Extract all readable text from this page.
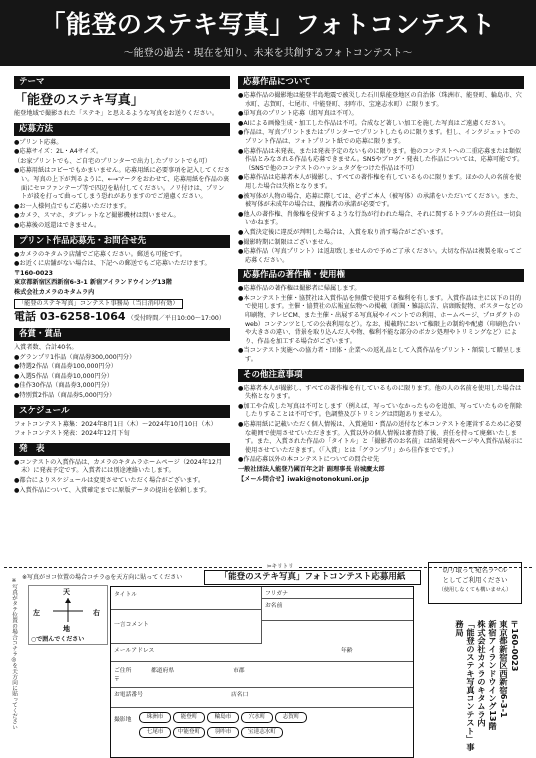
「能登のステキ写真」フォトコンテスト
～能登の過去・現在を知り、未来を共創するフォトコンテスト～
テーマ
「能登のステキ写真」
能登地域で撮影された「ステキ」と思えるような写真をお送りください。
応募方法
●プリント応募。
●応募サイズ：2L・A4サイズ。
（お家プリントでも、ご自宅のプリンターで出力したプリントでも可）
●応募用紙はコピーでもかまいません。応募用紙に必要事項を記入してください。写真の上下が判るように、←→マークをおわせて、応募用紙を作品の裏面にセロファンテープ等で四辺を貼付してください。ノリ付けは、プリントが波を打って曲ってしまう恐れがありますのでご遠慮ください。
●お一人様何点でもご応募いただけます。
●カメラ、スマホ、タブレットなど撮影機材は問いません。
●応募後の返還はできません。
プリント作品応募先・お問合せ先
●カメラのキタムラ店舗でご応募ください。郵送も可能です。
●お近くに店舗がない場合は、下記への郵送でもご応募いただけます。
〒160-0023
東京都新宿区西新宿6-3-1 新宿アイランドウイング13階
株式会社カメラのキタムラ内
「能登のステキ写真」コンテスト事務局（当日消印有効）
電話 03-6258-1064 （受付時間／平日10:00〜17:00）
各賞・賞品
入賞者数、合計40名。
●グランプリ1作品（商品券300,000円分）
●特選2作品（商品券100,000円分）
●入選5作品（商品券10,000円分）
●佳作30作品（商品券3,000円分）
●特別賞2作品（商品券5,000円分）
スケジュール
フォトコンテスト募集：2024年8月1日（木）〜2024年10月10日（木）
フォトコンテスト発表：2024年12月下旬
発　表
●コンテストの入賞作品は、カメラのキタムラホームページ（2024年12月末）に発表予定です。入賞者には別途連絡いたします。
●都合によりスケジュールは変更させていただく場合がございます。
●入賞作品について、入賞確定までに原版データの提出を依頼します。
応募作品について
●応募作品の撮影地は能登半島地震で被災した石川県能登地区の自治体（珠洲市、能登町、輪島市、穴水町、志賀町、七尾市、中能登町、羽咋市、宝達志水町）に限ります。
●単写真のプリント応募（組写真は不可）。
●AIによる画像生成・加工した作品は不可。合成など著しい加工を施した写真はご遠慮ください。
●作品は、写真プリントまたはプリンターでプリントしたものに限ります。但し、インクジェットでのプリント作品は、フォトプリント紙での応募に限ります。
●応募作品は未発表、または発表予定のないものに限ります。他のコンテストへの二重応募または類似作品とみなされる作品も応募できません。SNSやブログ・発表した作品については、応募可能です。（SNSで他のコンテストのハッシュタグをつけた作品は不可）
●応募作品は応募者本人が撮影し、すべての著作権を有しているものに限ります。ほかの人の名前を使用した場合は失格となります。
●被写体が人物の場合、応募に際しては、必ずご本人（被写体）の承諾をいただいてください。また、被写体が未成年の場合は、親権者の承諾が必要です。
●他人の著作権、肖像権を侵害するような行為が行われた場合、それに関するトラブルの責任は一切負いかねます。
●入賞決定後に違反が判明した場合は、入賞を取り消す場合がございます。
●撮影時期に制限はございません。
●応募作品（写真プリント）は返却致しませんので予めご了承ください。大切な作品は複製を取ってご応募ください。
応募作品の著作権・使用権
●応募作品の著作権は撮影者に帰属します。
●本コンテスト主催・協賛社は入賞作品を無償で使用する権利を有します。入賞作品は主に以下の目的で使用します。主催・協賛社の広報宣伝物への掲載（新聞・雑誌広告、店頭販促物、ポスターなどの印刷物、テレビCM、また主催・出展する写真展やイベントでの利用、ホームページ、プロダクトのweb）コンテンツとしての公表利用など）。なお、掲載時において権限上の制約や配慮（印刷色合いや大きさの違い、背景を取り込んだ人や物、権利不能な部分のボカシ処理やトリミングなど）により、作品を加工する場合がございます。
●当コンテスト実施への協力者・団体・企業への返礼品として入賞作品をプリント・額装して贈呈します。
その他注意事項
●応募者本人が撮影し、すべての著作権を有しているものに限ります。他の人の名前を使用した場合は失格となります。
●加工や合成した写真は不可とします（例えば、写っていなかったものを追加、写っていたものを削除したりすることは不可です。色調整及びトリミングは問題ありません）。
●応募用紙に記載いただく個人情報は、入賞通知・賞品の送付など本コンテストを運営するために必要な範囲で使用させていただきます。入賞以外の個人情報は審査終了後、責任を持って廃棄いたします。また、入賞された作品の「タイトル」と「撮影者のお名前」は結果発表ページや入賞作品展示に使用させていただきます。（「入賞」とは「グランプリ」から佳作までです。）
●作品応募以外の本コンテストについての問合せ先
一般社団法人能登乃國百年之計 副理事長 岩城慶太郎
【メール問合せ】iwaki@notonokuni.or.jp
✂キリトリ
※写真がヨコ位置の場合コチラ◎を天方向に貼ってください	「能登のステキ写真」フォトコンテスト応募用紙
※写真がタテ位置の場合コチラ◎を天方向に貼ってください	天
左	右
地
○で囲んでください
タイトル	フリガナ
お名前
一言コメント
メールアドレス	年齢
ご住所
〒
都道府県	市郡
お電話番号	店名口
撮影地	珠洲市	能登町	輪島市	穴水町	志賀町
七尾市	中能登町	羽咋市	宝達志水町
切り取って宛名ラベル
としてご利用ください
（使用しなくても構いません）
〒160-0023
東京都新宿区西新宿6-3-1
新宿アイランドウイング13階
株式会社カメラのキタムラ内
「能登のステキ写真コンテスト」事務局
